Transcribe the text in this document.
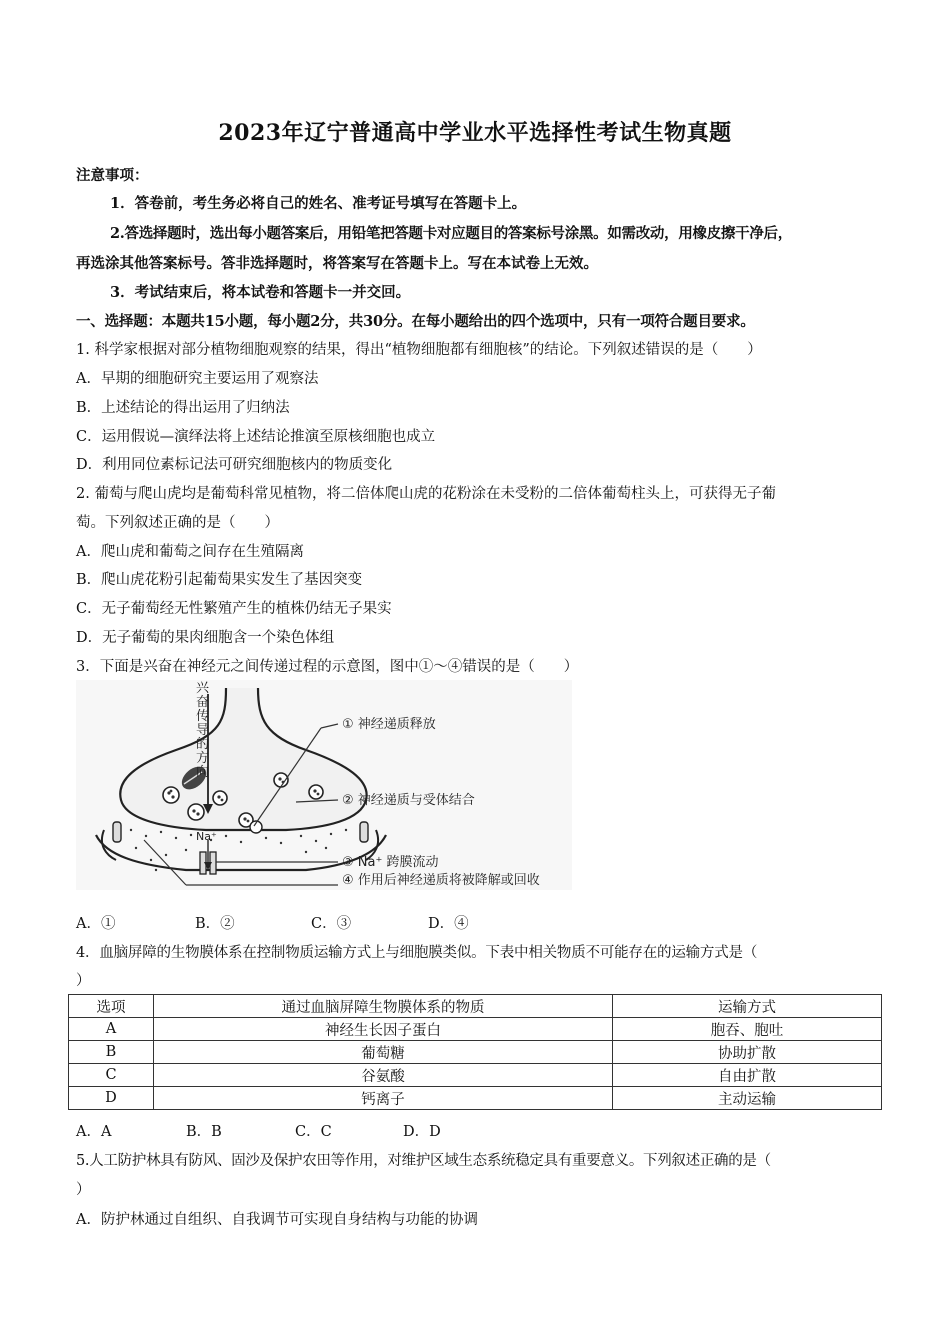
2023年辽宁普通高中学业水平选择性考试生物真题
注意事项：
1．答卷前，考生务必将自己的姓名、准考证号填写在答题卡上。
2.答选择题时，选出每小题答案后，用铅笔把答题卡对应题目的答案标号涂黑。如需改动，用橡皮擦干净后，
再选涂其他答案标号。答非选择题时，将答案写在答题卡上。写在本试卷上无效。
3．考试结束后，将本试卷和答题卡一并交回。
一、选择题：本题共15小题，每小题2分，共30分。在每小题给出的四个选项中，只有一项符合题目要求。
1. 科学家根据对部分植物细胞观察的结果，得出“植物细胞都有细胞核”的结论。下列叙述错误的是（　　）
A．早期的细胞研究主要运用了观察法
B．上述结论的得出运用了归纳法
C．运用假说—演绎法将上述结论推演至原核细胞也成立
D．利用同位素标记法可研究细胞核内的物质变化
2. 葡萄与爬山虎均是葡萄科常见植物，将二倍体爬山虎的花粉涂在未受粉的二倍体葡萄柱头上，可获得无子葡
萄。下列叙述正确的是（　　）
A．爬山虎和葡萄之间存在生殖隔离
B．爬山虎花粉引起葡萄果实发生了基因突变
C．无子葡萄经无性繁殖产生的植株仍结无子果实
D．无子葡萄的果肉细胞含一个染色体组
3．下面是兴奋在神经元之间传递过程的示意图，图中①～④错误的是（　　）
兴
奋
传
导
的
方
向
① 神经递质释放
② 神经递质与受体结合
③ Na⁺ 跨膜流动
④ 作用后神经递质将被降解或回收
Na⁺
A．①	B．②	C．③	D．④
4．血脑屏障的生物膜体系在控制物质运输方式上与细胞膜类似。下表中相关物质不可能存在的运输方式是（
）
选项	通过血脑屏障生物膜体系的物质	运输方式
A	神经生长因子蛋白	胞吞、胞吐
B	葡萄糖	协助扩散
C	谷氨酸	自由扩散
D	钙离子	主动运输
A．A	B．B	C．C	D．D
5.人工防护林具有防风、固沙及保护农田等作用，对维护区域生态系统稳定具有重要意义。下列叙述正确的是（
）
A．防护林通过自组织、自我调节可实现自身结构与功能的协调
